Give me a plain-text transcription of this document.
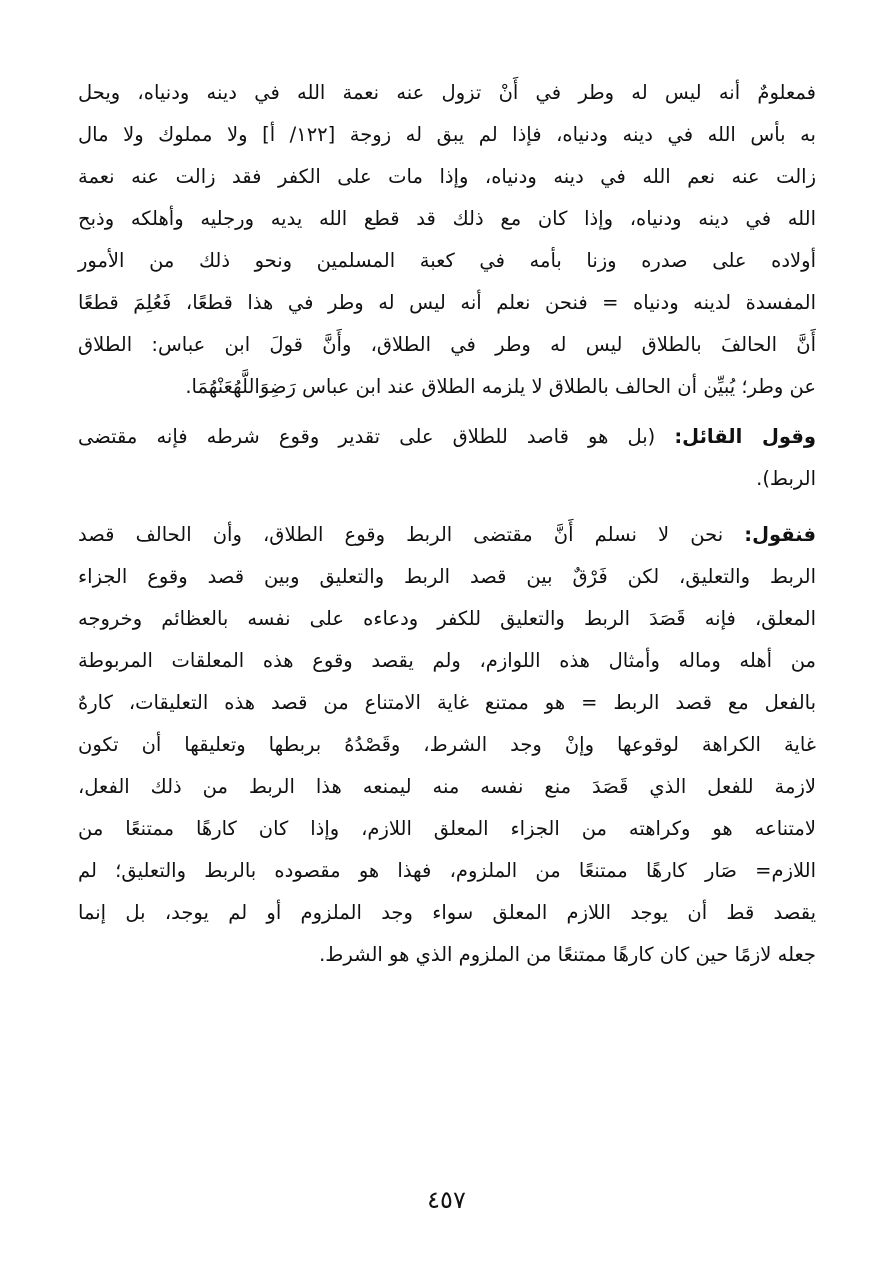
فمعلومٌ أنه ليس له وطر في أَنْ تزول عنه نعمة الله في دينه ودنياه، ويحل
به بأس الله في دينه ودنياه، فإذا لم يبق له زوجة [١٢٢/ أ] ولا مملوك ولا مال
زالت عنه نعم الله في دينه ودنياه، وإذا مات على الكفر فقد زالت عنه نعمة
الله في دينه ودنياه، وإذا كان مع ذلك قد قطع الله يديه ورجليه وأهلكه وذبح
أولاده على صدره وزنا بأمه في كعبة المسلمين ونحو ذلك من الأمور
المفسدة لدينه ودنياه = فنحن نعلم أنه ليس له وطر في هذا قطعًا، فَعُلِمَ قطعًا
أَنَّ الحالفَ بالطلاق ليس له وطر في الطلاق، وأَنَّ قولَ ابن عباس: الطلاق
عن وطر؛ يُبيِّن أن الحالف بالطلاق لا يلزمه الطلاق عند ابن عباس رَضِوَاللَّهُعَنْهُمَا.
وقول القائل: (بل هو قاصد للطلاق على تقدير وقوع شرطه فإنه مقتضى
الربط).
فنقول: نحن لا نسلم أَنَّ مقتضى الربط وقوع الطلاق، وأن الحالف قصد
الربط والتعليق، لكن فَرْقٌ بين قصد الربط والتعليق وبين قصد وقوع الجزاء
المعلق، فإنه قَصَدَ الربط والتعليق للكفر ودعاءه على نفسه بالعظائم وخروجه
من أهله وماله وأمثال هذه اللوازم، ولم يقصد وقوع هذه المعلقات المربوطة
بالفعل مع قصد الربط = هو ممتنع غاية الامتناع من قصد هذه التعليقات، كارهٌ
غاية الكراهة لوقوعها وإنْ وجد الشرط، وقَصْدُهُ بربطها وتعليقها أن تكون
لازمة للفعل الذي قَصَدَ منع نفسه منه ليمنعه هذا الربط من ذلك الفعل،
لامتناعه هو وكراهته من الجزاء المعلق اللازم، وإذا كان كارهًا ممتنعًا من
اللازم= صَار كارهًا ممتنعًا من الملزوم، فهذا هو مقصوده بالربط والتعليق؛ لم
يقصد قط أن يوجد اللازم المعلق سواء وجد الملزوم أو لم يوجد، بل إنما
جعله لازمًا حين كان كارهًا ممتنعًا من الملزوم الذي هو الشرط.
٤٥٧
